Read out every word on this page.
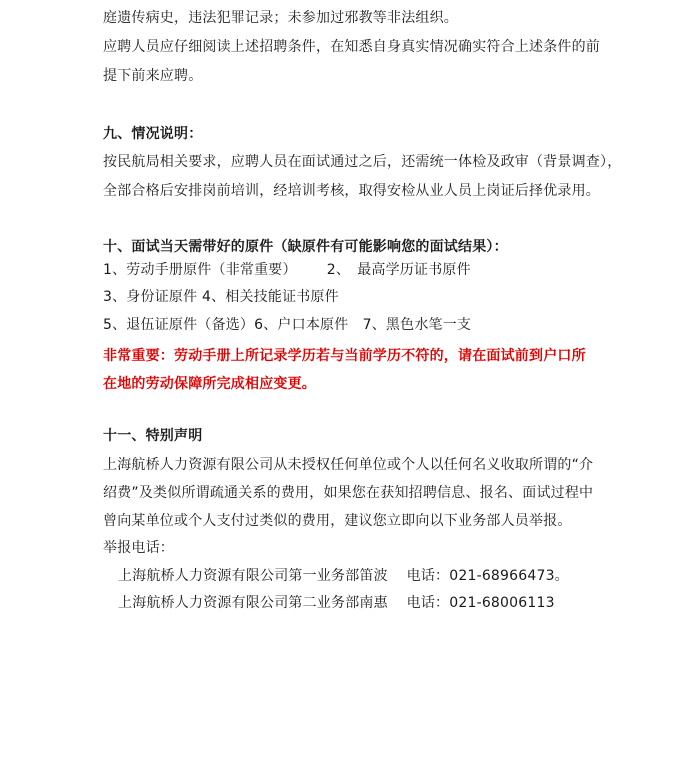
庭遗传病史，违法犯罪记录；未参加过邪教等非法组织。
应聘人员应仔细阅读上述招聘条件，在知悉自身真实情况确实符合上述条件的前
提下前来应聘。
九、情况说明：
按民航局相关要求，应聘人员在面试通过之后，还需统一体检及政审（背景调查），
全部合格后安排岗前培训，经培训考核，取得安检从业人员上岗证后择优录用。
十、面试当天需带好的原件（缺原件有可能影响您的面试结果）：
1、劳动手册原件（非常重要） 2、　最高学历证书原件
3、身份证原件 4、相关技能证书原件
5、退伍证原件（备选）6、户口本原件　7、黑色水笔一支
非常重要：劳动手册上所记录学历若与当前学历不符的，请在面试前到户口所
在地的劳动保障所完成相应变更。
十一、特别声明
上海航桥人力资源有限公司从未授权任何单位或个人以任何名义收取所谓的“介
绍费”及类似所谓疏通关系的费用，如果您在获知招聘信息、报名、面试过程中
曾向某单位或个人支付过类似的费用，建议您立即向以下业务部人员举报。
举报电话：
上海航桥人力资源有限公司第一业务部笛波　 电话：021-68966473。
上海航桥人力资源有限公司第二业务部南惠　 电话：021-68006113
